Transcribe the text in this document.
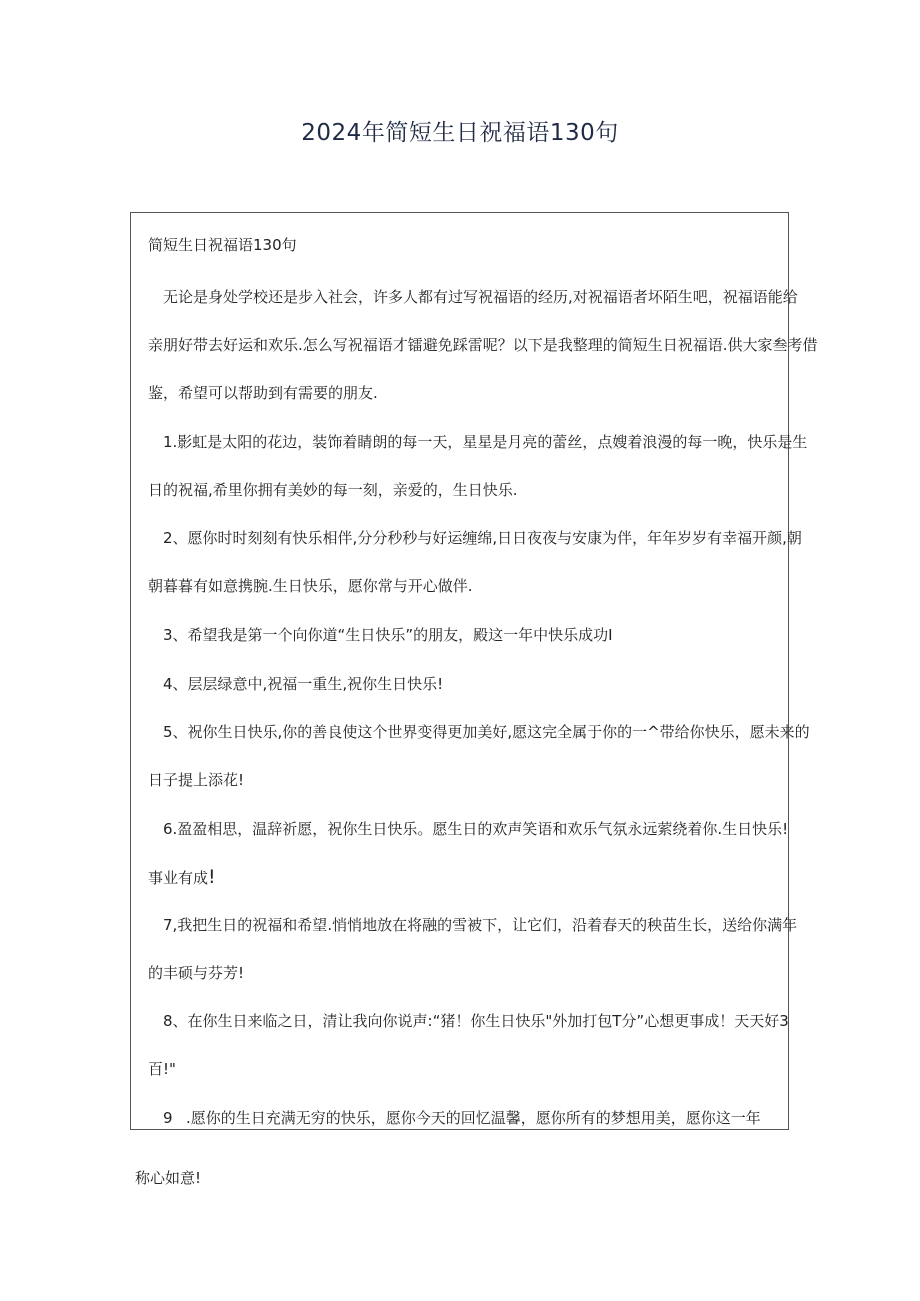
2024年简短生日祝福语130句
简短生日祝福语130句
无论是身处学校还是步入社会，许多人都有过写祝福语的经历,对祝福语者坏陌生吧，祝福语能给
亲朋好带去好运和欢乐.怎么写祝福语才镭避免踩雷呢？以下是我整理的简短生日祝福语.供大家叁考借
鉴，希望可以帮助到有需要的朋友.
1.影虹是太阳的花边，装饰着睛朗的每一天，星星是月亮的蕾丝，点嫂着浪漫的每一晚，快乐是生
日的祝福,希里你拥有美妙的每一刻，亲爱的，生日快乐.
2、愿你时时刻刻有快乐相伴,分分秒秒与好运缠绵,日日夜夜与安康为伴，年年岁岁有幸福开颜,朝
朝暮暮有如意携腕.生日快乐，愿你常与开心做伴.
3、希望我是第一个向你道“生日快乐”的朋友，殿这一年中快乐成功I
4、层层绿意中,祝福一重生,祝你生日快乐!
5、祝你生日快乐,你的善良使这个世界变得更加美好,愿这完全属于你的一^带给你快乐，愿未来的
日子提上添花!
6.盈盈相思，温辞祈愿，祝你生日快乐。愿生日的欢声笑语和欢乐气氛永远萦绕着你.生日快乐!
事业有成!
7,我把生日的祝福和希望.悄悄地放在将融的雪被下，让它们，沿着春天的秧苗生长，送给你满年
的丰硕与芬芳!
8、在你生日来临之日，清让我向你说声:“猪！你生日快乐"外加打包T分”心想更事成！天天好3
百!"
9 .愿你的生日充满无穷的快乐，愿你今天的回忆温馨，愿你所有的梦想用美，愿你这一年
称心如意!
